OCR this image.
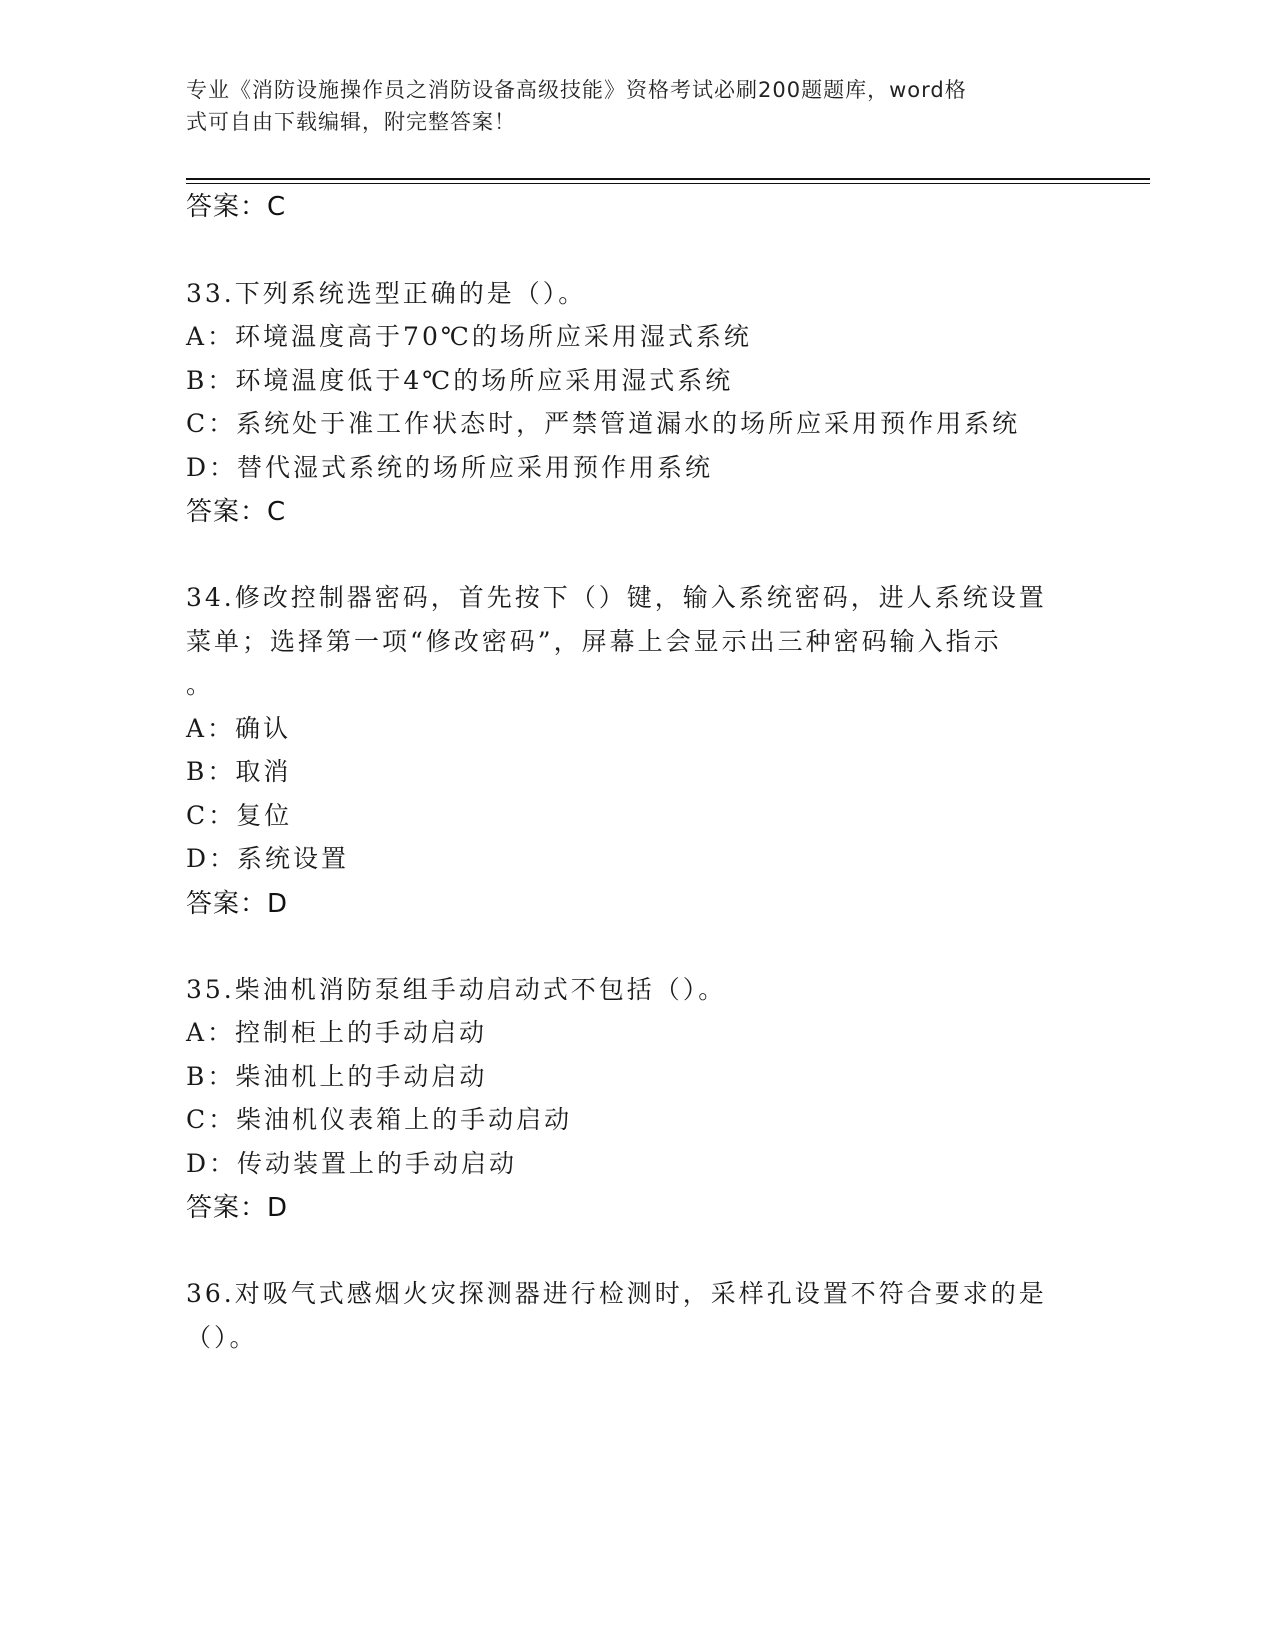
专业《消防设施操作员之消防设备高级技能》资格考试必刷200题题库，word格
式可自由下载编辑，附完整答案！
答案：C
33.下列系统选型正确的是（）。
A：环境温度高于70℃的场所应采用湿式系统
B：环境温度低于4℃的场所应采用湿式系统
C：系统处于准工作状态时，严禁管道漏水的场所应采用预作用系统
D：替代湿式系统的场所应采用预作用系统
答案：C
34.修改控制器密码，首先按下（）键，输入系统密码，进人系统设置
菜单；选择第一项“修改密码”，屏幕上会显示出三种密码输入指示
。
A：确认
B：取消
C：复位
D：系统设置
答案：D
35.柴油机消防泵组手动启动式不包括（）。
A：控制柜上的手动启动
B：柴油机上的手动启动
C：柴油机仪表箱上的手动启动
D：传动装置上的手动启动
答案：D
36.对吸气式感烟火灾探测器进行检测时，采样孔设置不符合要求的是
（）。
